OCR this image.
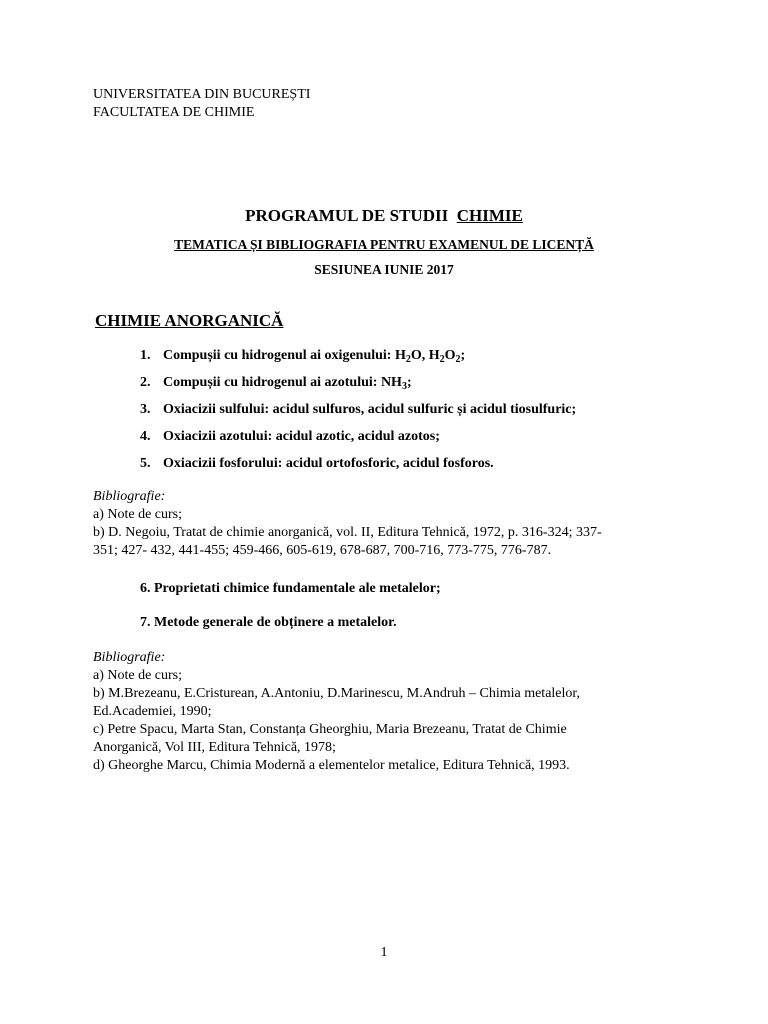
UNIVERSITATEA DIN BUCUREȘTI
FACULTATEA DE CHIMIE
PROGRAMUL DE STUDII CHIMIE
TEMATICA ȘI BIBLIOGRAFIA PENTRU EXAMENUL DE LICENȚĂ
SESIUNEA IUNIE 2017
CHIMIE ANORGANICĂ
1. Compușii cu hidrogenul ai oxigenului: $H_2O$, $H_2O_2$;
2. Compușii cu hidrogenul ai azotului: $NH_3$;
3. Oxiacizii sulfului: acidul sulfuros, acidul sulfuric și acidul tiosulfuric;
4. Oxiacizii azotului: acidul azotic, acidul azotos;
5. Oxiacizii fosforului: acidul ortofosforic, acidul fosforos.
Bibliografie:
a) Note de curs;
b) D. Negoiu, Tratat de chimie anorganică, vol. II, Editura Tehnică, 1972, p. 316-324; 337-
351; 427- 432, 441-455; 459-466, 605-619, 678-687, 700-716, 773-775, 776-787.
6. Proprietati chimice fundamentale ale metalelor;
7. Metode generale de obținere a metalelor.
Bibliografie:
a) Note de curs;
b) M.Brezeanu, E.Cristurean, A.Antoniu, D.Marinescu, M.Andruh – Chimia metalelor,
Ed.Academiei, 1990;
c) Petre Spacu, Marta Stan, Constanța Gheorghiu, Maria Brezeanu, Tratat de Chimie
Anorganică, Vol III, Editura Tehnică, 1978;
d) Gheorghe Marcu, Chimia Modernă a elementelor metalice, Editura Tehnică, 1993.
1
